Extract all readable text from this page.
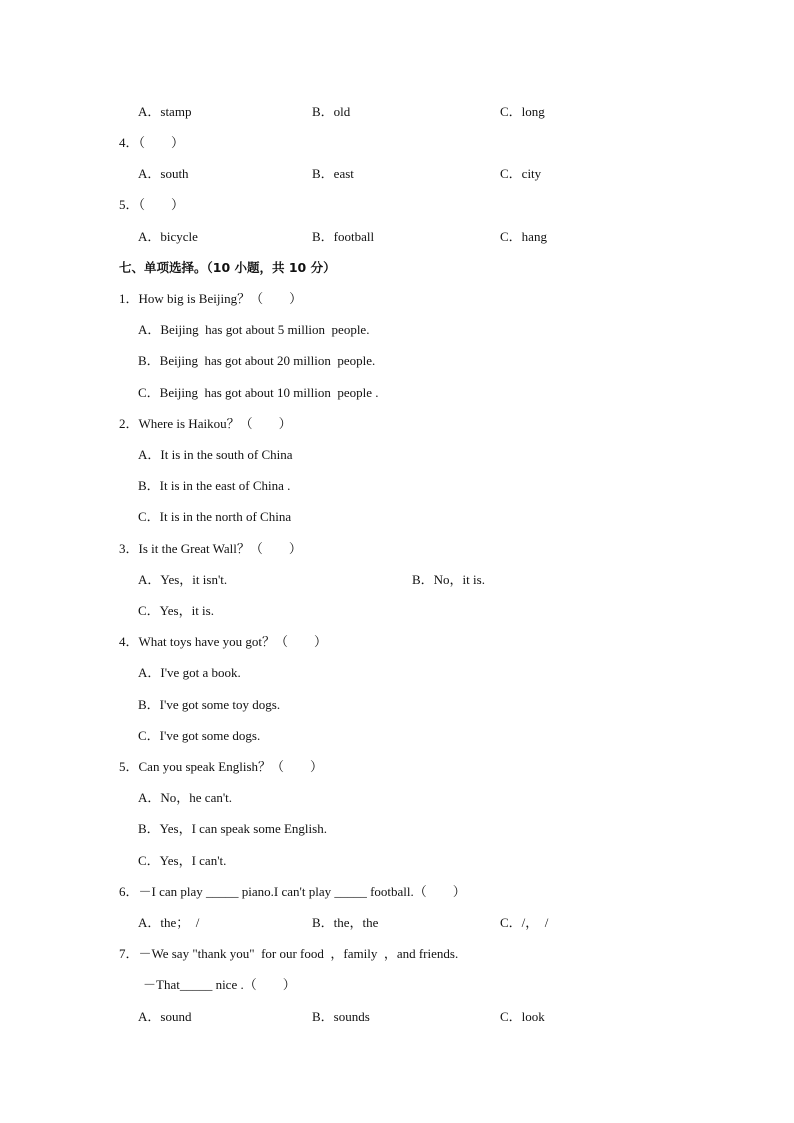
A．stamp	B．old	C．long
4．（　　）
A．south	B．east	C．city
5．（　　）
A．bicycle	B．football	C．hang
七、单项选择。（10 小题，共 10 分）
1．How big is Beijing？（　　）
A．Beijing  has got about 5 million  people.
B．Beijing  has got about 20 million  people.
C．Beijing  has got about 10 million  people .
2．Where is Haikou？（　　）
A．It is in the south of China
B．It is in the east of China .
C．It is in the north of China
3．Is it the Great Wall？（　　）
A．Yes，it isn't.	B．No，it is.
C．Yes，it is.
4．What toys have you got？（　　）
A．I've got a book.
B．I've got some toy dogs.
C．I've got some dogs.
5．Can you speak English？（　　）
A．No，he can't.
B．Yes，I can speak some English.
C．Yes，I can't.
6．－I can play _____ piano.I can't play _____ football.（　　）
A．the；  /	B．the，the	C．/，  /
7．－We say "thank you"  for our food  ，family  ，and friends.
－That_____ nice .（　　）
A．sound	B．sounds	C．look
